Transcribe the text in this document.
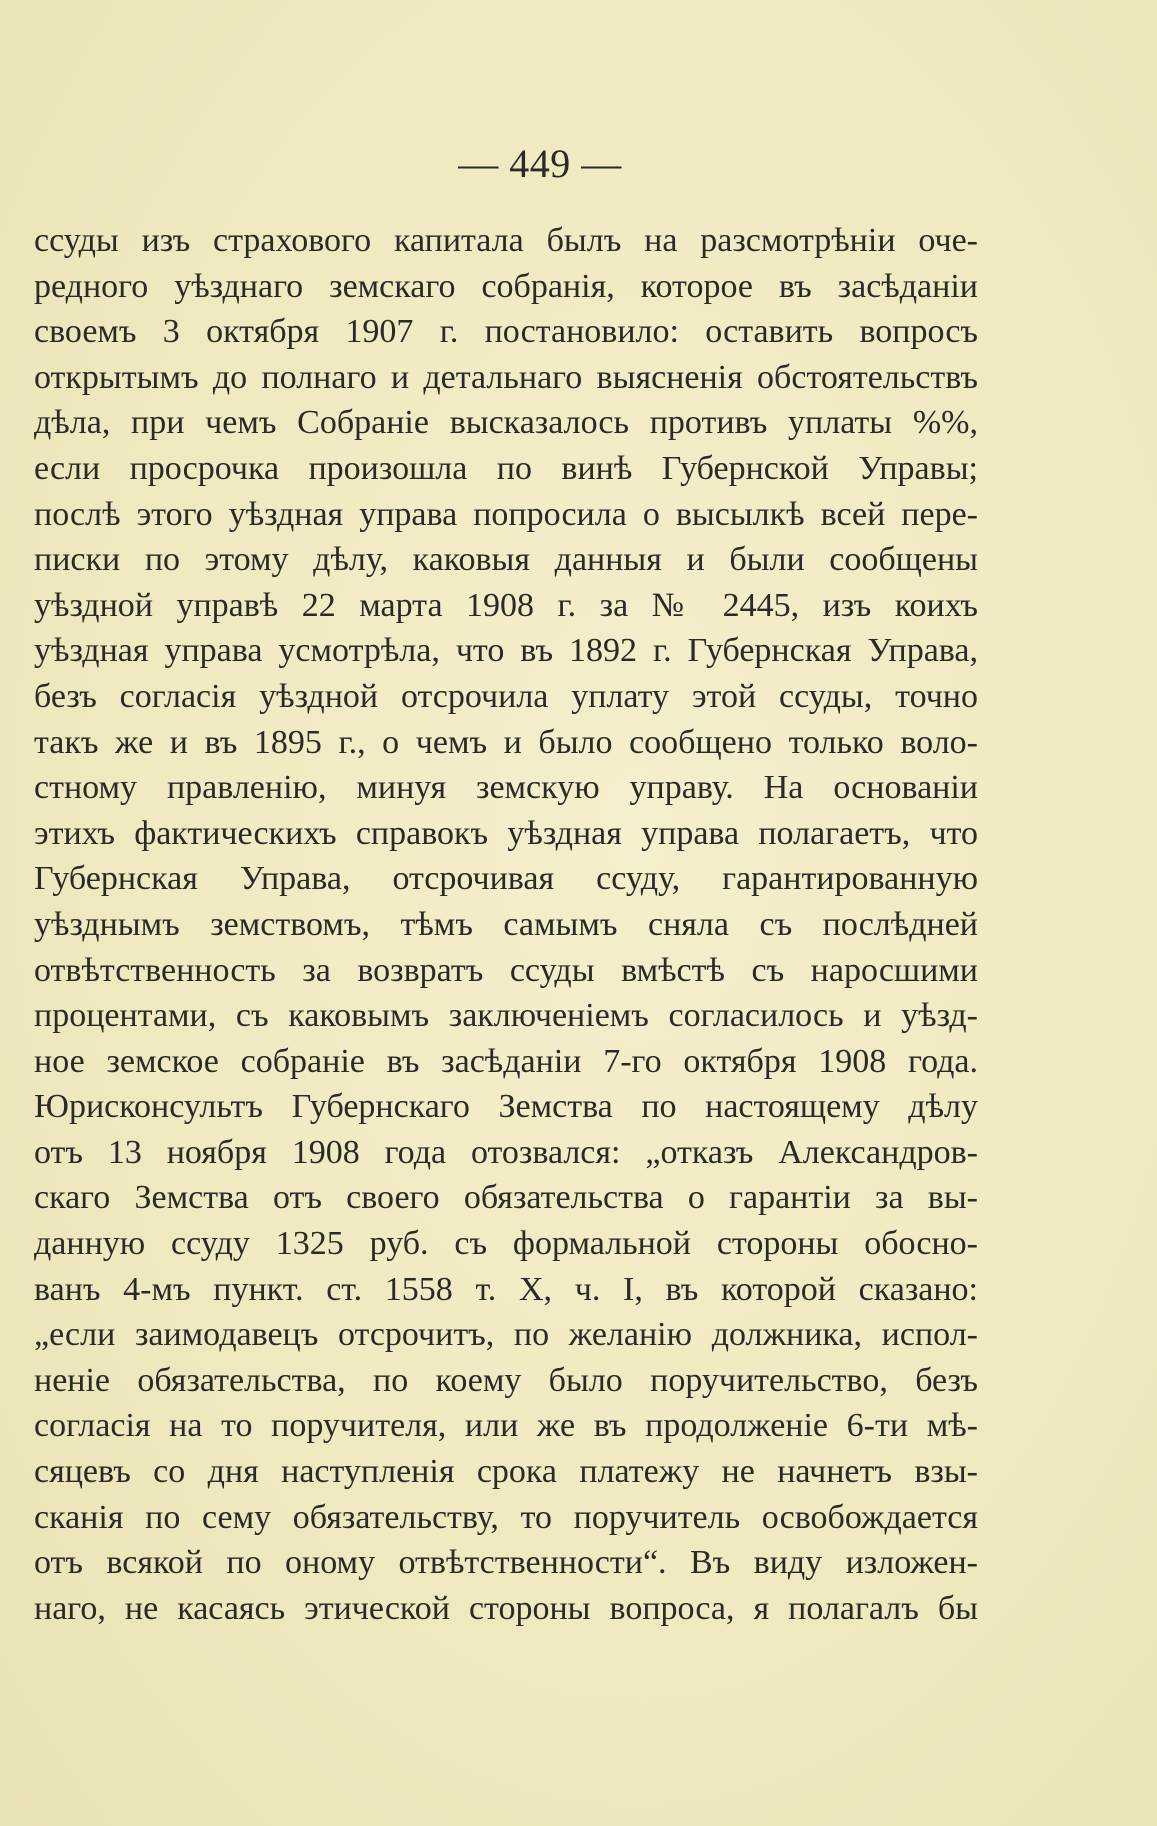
— 449 —
ссуды изъ страхового капитала былъ на разсмотрѣніи оче-
редного уѣзднаго земскаго собранія, которое въ засѣданіи
своемъ 3 октября 1907 г. постановило: оставить вопросъ
открытымъ до полнаго и детальнаго выясненія обстоятельствъ
дѣла, при чемъ Собраніе высказалось противъ уплаты %%,
если просрочка произошла по винѣ Губернской Управы;
послѣ этого уѣздная управа попросила о высылкѣ всей пере-
писки по этому дѣлу, каковыя данныя и были сообщены
уѣздной управѣ 22 марта 1908 г. за № 2445, изъ коихъ
уѣздная управа усмотрѣла, что въ 1892 г. Губернская Управа,
безъ согласія уѣздной отсрочила уплату этой ссуды, точно
такъ же и въ 1895 г., о чемъ и было сообщено только воло-
стному правленію, минуя земскую управу. На основаніи
этихъ фактическихъ справокъ уѣздная управа полагаетъ, что
Губернская Управа, отсрочивая ссуду, гарантированную
уѣзднымъ земствомъ, тѣмъ самымъ сняла съ послѣдней
отвѣтственность за возвратъ ссуды вмѣстѣ съ наросшими
процентами, съ каковымъ заключеніемъ согласилось и уѣзд-
ное земское собраніе въ засѣданіи 7-го октября 1908 года.
Юрисконсультъ Губернскаго Земства по настоящему дѣлу
отъ 13 ноября 1908 года отозвался: „отказъ Александров-
скаго Земства отъ своего обязательства о гарантіи за вы-
данную ссуду 1325 руб. съ формальной стороны обосно-
ванъ 4-мъ пункт. ст. 1558 т. X, ч. I, въ которой сказано:
„если заимодавецъ отсрочитъ, по желанію должника, испол-
неніе обязательства, по коему было поручительство, безъ
согласія на то поручителя, или же въ продолженіе 6-ти мѣ-
сяцевъ со дня наступленія срока платежу не начнетъ взы-
сканія по сему обязательству, то поручитель освобождается
отъ всякой по оному отвѣтственности“. Въ виду изложен-
наго, не касаясь этической стороны вопроса, я полагалъ бы
